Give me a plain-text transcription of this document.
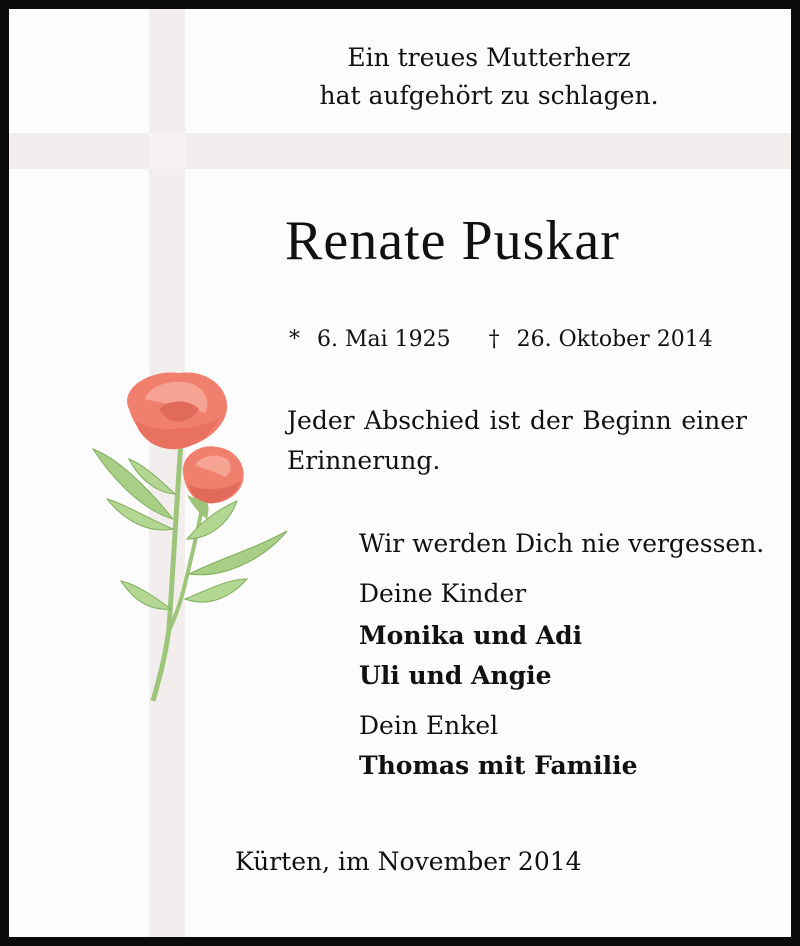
Ein treues Mutterherz
hat aufgehört zu schlagen.
Renate Puskar
* 6. Mai 1925 † 26. Oktober 2014
Jeder Abschied ist der Beginn einer
Erinnerung.
Wir werden Dich nie vergessen.
Deine Kinder
Monika und Adi
Uli und Angie
Dein Enkel
Thomas mit Familie
Kürten, im November 2014
